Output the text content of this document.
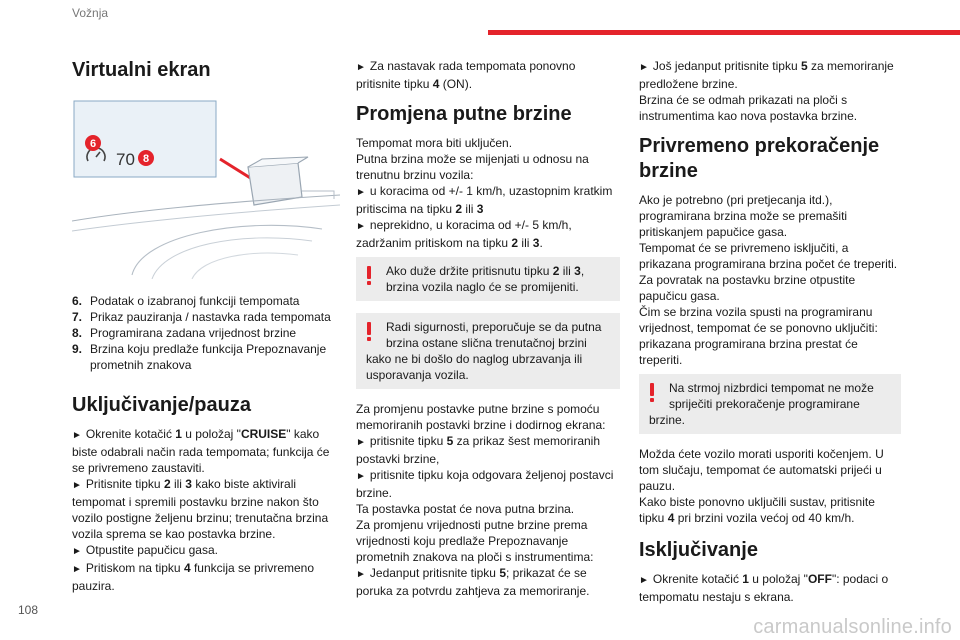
Vožnja
Virtualni ekran
6
70 8
6. Podatak o izabranoj funkciji tempomata
7. Prikaz pauziranja / nastavka rada tempomata
8. Programirana zadana vrijednost brzine
9. Brzina koju predlaže funkcija Prepoznavanje prometnih znakova
Uključivanje/pauza

► Okrenite kotačić 1 u položaj "CRUISE" kako biste odabrali način rada tempomata; funkcija će se privremeno zaustaviti.

► Pritisnite tipku 2 ili 3 kako biste aktivirali tempomat i spremili postavku brzine nakon što vozilo postigne željenu brzinu; trenutačna brzina vozila sprema se kao postavka brzine.

► Otpustite papučicu gasa.

► Pritiskom na tipku 4 funkcija se privremeno pauzira.

► Za nastavak rada tempomata ponovno pritisnite tipku 4 (ON).

Promjena putne brzine

Tempomat mora biti uključen.

Putna brzina može se mijenjati u odnosu na trenutnu brzinu vozila:

► u koracima od +/- 1 km/h, uzastopnim kratkim pritiscima na tipku 2 ili 3

► neprekidno, u koracima od +/- 5 km/h, zadržanim pritiskom na tipku 2 ili 3.

Ako duže držite pritisnutu tipku 2 ili 3, brzina vozila naglo će se promijeniti.

Radi sigurnosti, preporučuje se da putna brzina ostane slična trenutačnoj brzini

kako ne bi došlo do naglog ubrzavanja ili usporavanja vozila.

Za promjenu postavke putne brzine s pomoću memoriranih postavki brzine i dodirnog ekrana:

► pritisnite tipku 5 za prikaz šest memoriranih postavki brzine,

► pritisnite tipku koja odgovara željenoj postavci brzine.

Ta postavka postat će nova putna brzina.

Za promjenu vrijednosti putne brzine prema vrijednosti koju predlaže Prepoznavanje prometnih znakova na ploči s instrumentima:

► Jedanput pritisnite tipku 5; prikazat će se poruka za potvrdu zahtjeva za memoriranje.

► Još jedanput pritisnite tipku 5 za memoriranje predložene brzine.

Brzina će se odmah prikazati na ploči s instrumentima kao nova postavka brzine.

Privremeno prekoračenje brzine

Ako je potrebno (pri pretjecanja itd.), programirana brzina može se premašiti pritiskanjem papučice gasa.

Tempomat će se privremeno isključiti, a prikazana programirana brzina počet će treperiti.

Za povratak na postavku brzine otpustite papučicu gasa.

Čim se brzina vozila spusti na programiranu vrijednost, tempomat će se ponovno uključiti: prikazana programirana brzina prestat će treperiti.

Na strmoj nizbrdici tempomat ne može spriječiti prekoračenje programirane

brzine.

Možda ćete vozilo morati usporiti kočenjem. U tom slučaju, tempomat će automatski prijeći u pauzu.

Kako biste ponovno uključili sustav, pritisnite tipku 4 pri brzini vozila većoj od 40 km/h.

Isključivanje

► Okrenite kotačić 1 u položaj "OFF": podaci o tempomatu nestaju s ekrana.

108
carmanualsonline.info
